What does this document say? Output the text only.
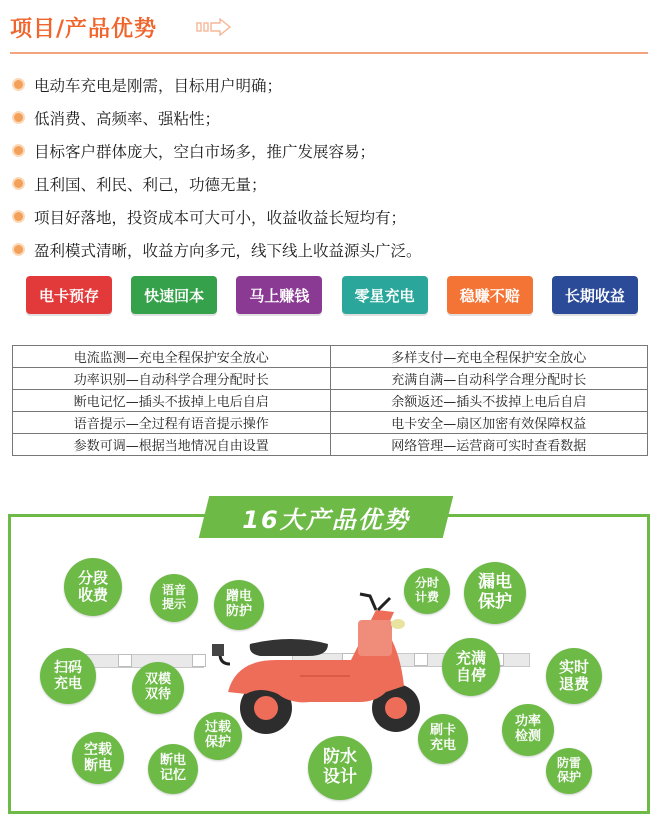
项目/产品优势
电动车充电是刚需，目标用户明确；
低消费、高频率、强粘性；
目标客户群体庞大，空白市场多，推广发展容易；
且利国、利民、利己，功德无量；
项目好落地，投资成本可大可小，收益收益长短均有；
盈利模式清晰，收益方向多元，线下线上收益源头广泛。
电卡预存	快速回本	马上赚钱	零星充电	稳赚不赔	长期收益
电流监测—充电全程保护安全放心	多样支付—充电全程保护安全放心
功率识别—自动科学合理分配时长	充满自满—自动科学合理分配时长
断电记忆—插头不拔掉上电后自启	余额返还—插头不拔掉上电后自启
语音提示—全过程有语音提示操作	电卡安全—扇区加密有效保障权益
参数可调—根据当地情况自由设置	网络管理—运营商可实时查看数据
16大产品优势
分段收费	语音提示	蹭电防护
分时计费
漏电保护
扫码充电	双模双待
充满自停	实时退费
过载保护
空载断电	断电记忆
防水设计
刷卡充电
功率检测
防雷保护
